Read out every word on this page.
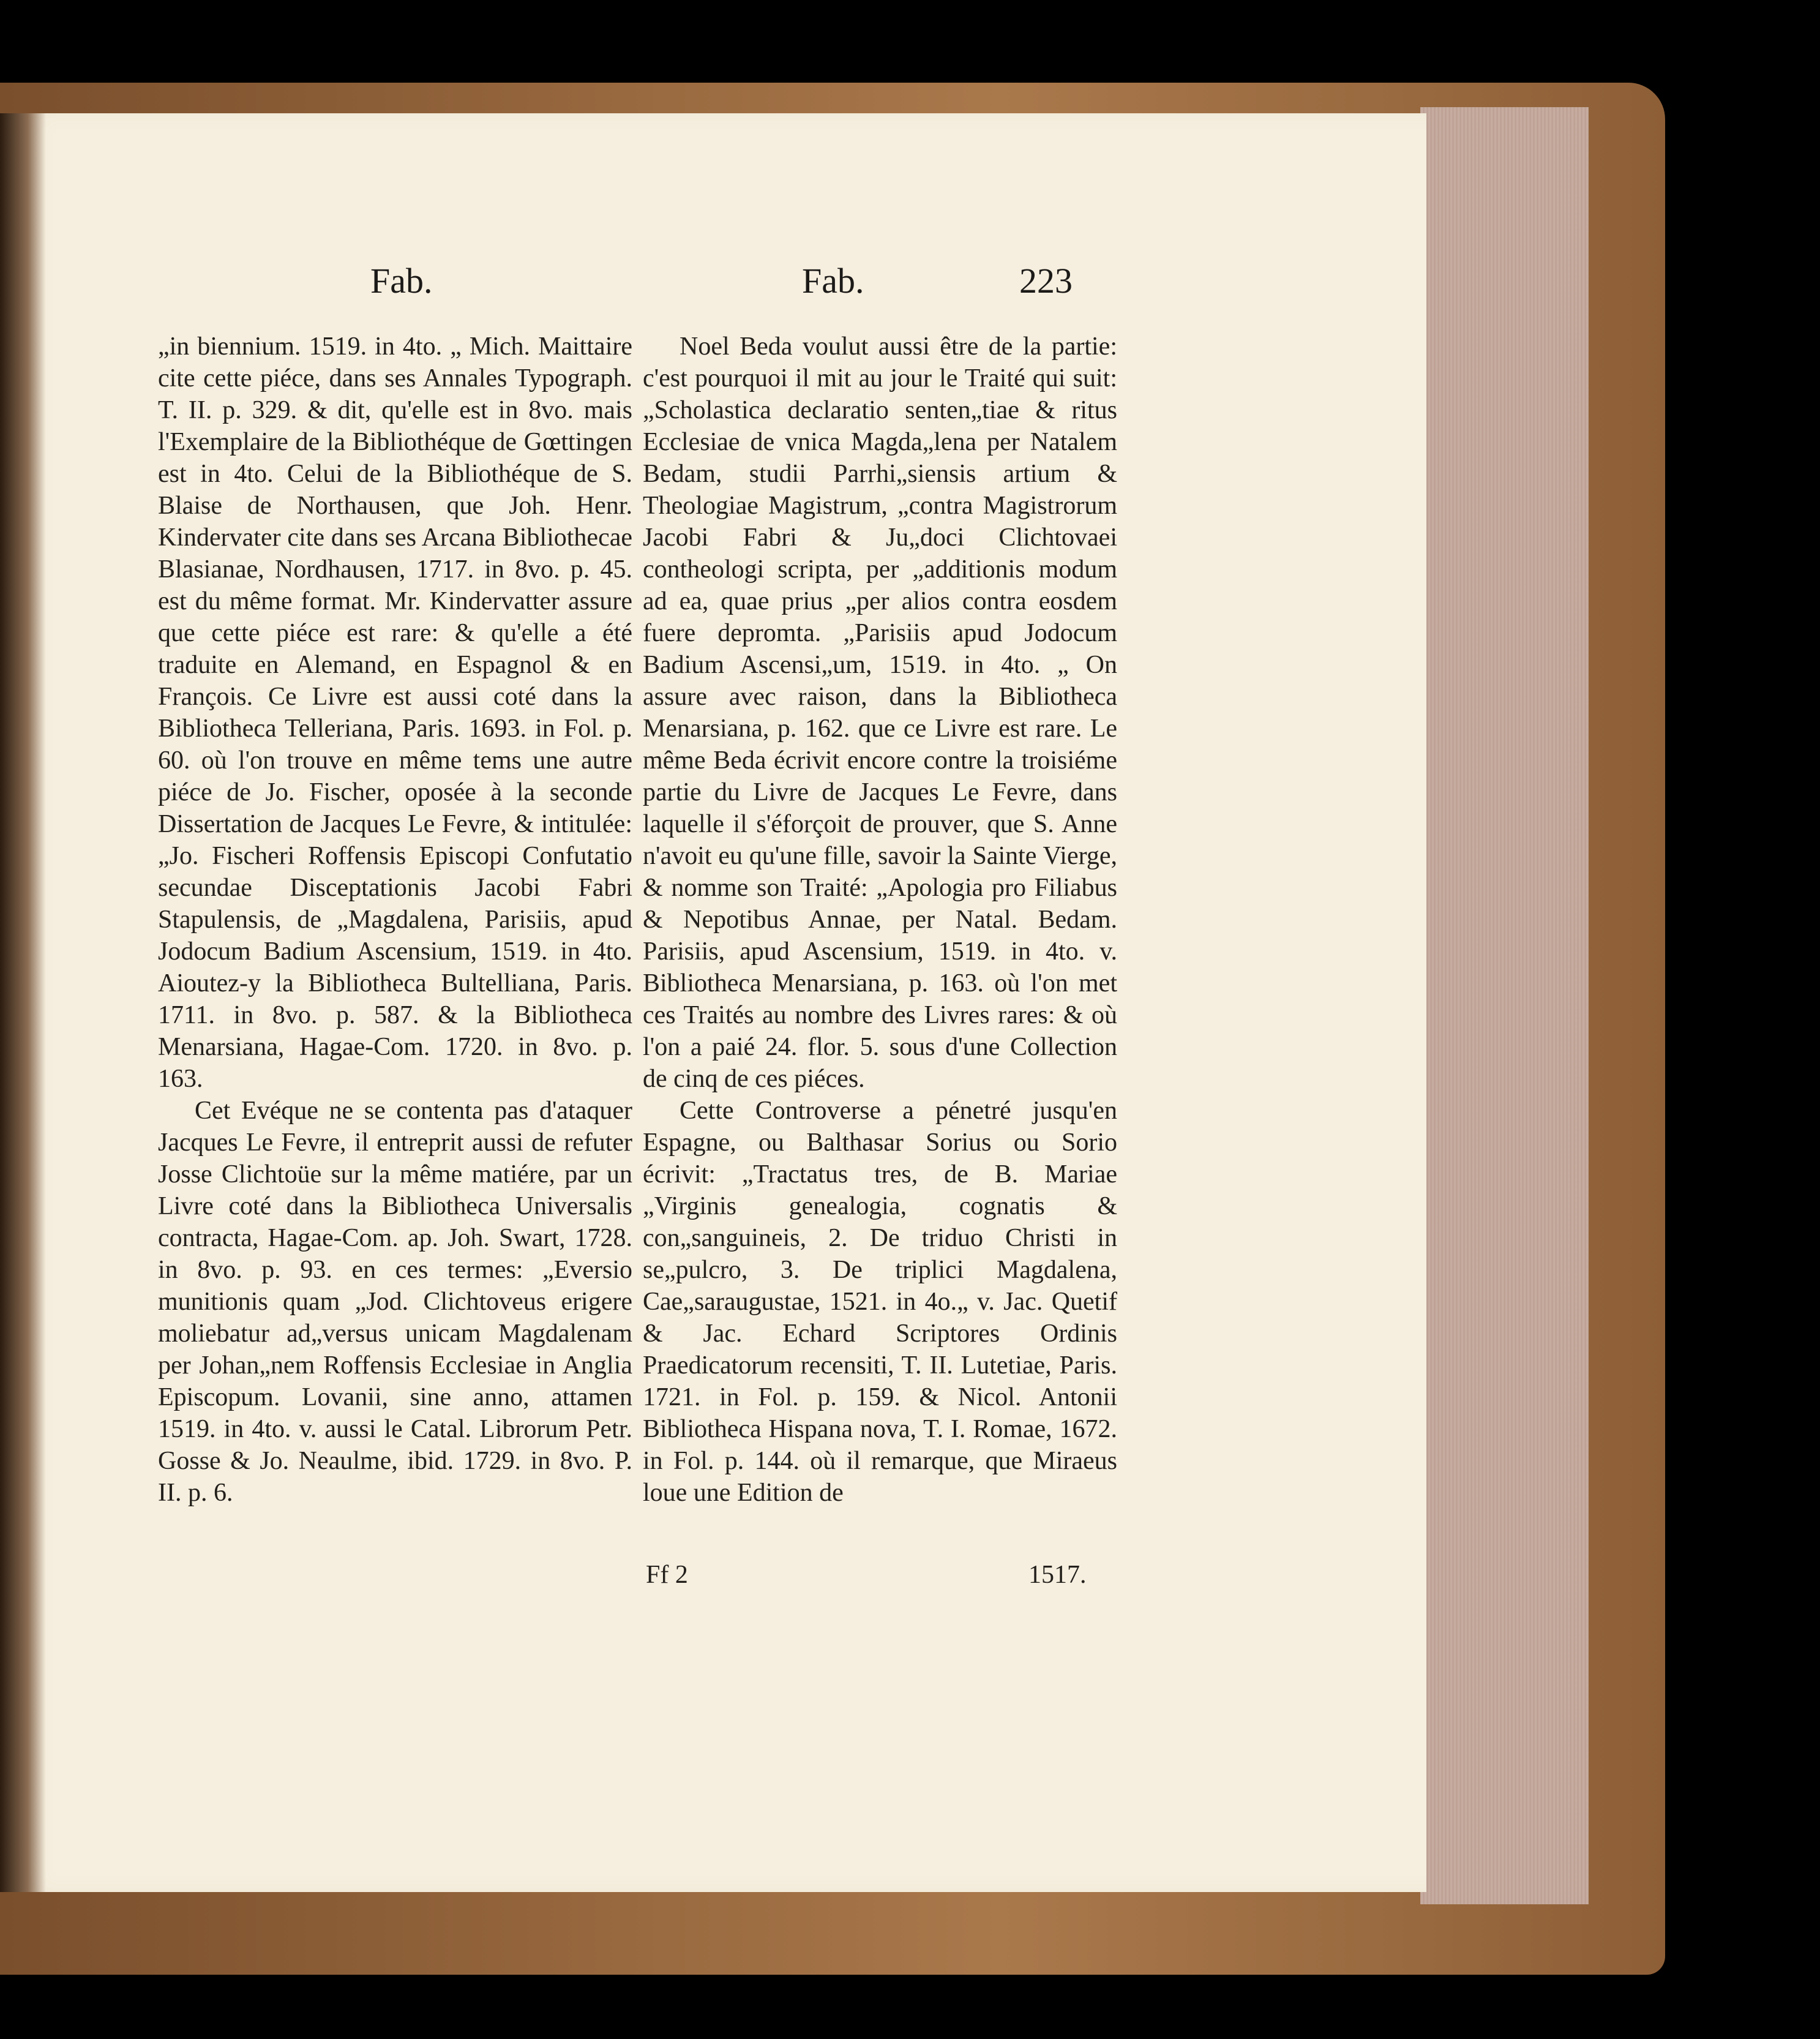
Fab.	Fab.	223

„in biennium. 1519. in 4to. „ Mich. Maittaire cite cette piéce, dans ses Annales Typograph. T. II. p. 329. & dit, qu'elle est in 8vo. mais l'Exemplaire de la Bibliothéque de Gœttingen est in 4to. Celui de la Bibliothéque de S. Blaise de Northausen, que Joh. Henr. Kindervater cite dans ses Arcana Bibliothecae Blasianae, Nordhausen, 1717. in 8vo. p. 45. est du même format. Mr. Kindervatter assure que cette piéce est rare: & qu'elle a été traduite en Alemand, en Espagnol & en François. Ce Livre est aussi coté dans la Bibliotheca Telleriana, Paris. 1693. in Fol. p. 60. où l'on trouve en même tems une autre piéce de Jo. Fischer, oposée à la seconde Dissertation de Jacques Le Fevre, & intitulée: „Jo. Fischeri Roffensis Episcopi Confutatio secundae Disceptationis Jacobi Fabri Stapulensis, de „Magdalena, Parisiis, apud Jodocum Badium Ascensium, 1519. in 4to. Aioutez-y la Bibliotheca Bultelliana, Paris. 1711. in 8vo. p. 587. & la Bibliotheca Menarsiana, Hagae-Com. 1720. in 8vo. p. 163.

Cet Evéque ne se contenta pas d'ataquer Jacques Le Fevre, il entreprit aussi de refuter Josse Clichtoüe sur la même matiére, par un Livre coté dans la Bibliotheca Universalis contracta, Hagae-Com. ap. Joh. Swart, 1728. in 8vo. p. 93. en ces termes: „Eversio munitionis quam „Jod. Clichtoveus erigere moliebatur ad„versus unicam Magdalenam per Johan„nem Roffensis Ecclesiae in Anglia Episcopum. Lovanii, sine anno, attamen 1519. in 4to. v. aussi le Catal. Librorum Petr. Gosse & Jo. Neaulme, ibid. 1729. in 8vo. P. II. p. 6.

Noel Beda voulut aussi être de la partie: c'est pourquoi il mit au jour le Traité qui suit: „Scholastica declaratio senten„tiae & ritus Ecclesiae de vnica Magda„lena per Natalem Bedam, studii Parrhi„siensis artium & Theologiae Magistrum, „contra Magistrorum Jacobi Fabri & Ju„doci Clichtovaei contheologi scripta, per „additionis modum ad ea, quae prius „per alios contra eosdem fuere depromta. „Parisiis apud Jodocum Badium Ascensi„um, 1519. in 4to. „ On assure avec raison, dans la Bibliotheca Menarsiana, p. 162. que ce Livre est rare. Le même Beda écrivit encore contre la troisiéme partie du Livre de Jacques Le Fevre, dans laquelle il s'éforçoit de prouver, que S. Anne n'avoit eu qu'une fille, savoir la Sainte Vierge, & nomme son Traité: „Apologia pro Filiabus & Nepotibus Annae, per Natal. Bedam. Parisiis, apud Ascensium, 1519. in 4to. v. Bibliotheca Menarsiana, p. 163. où l'on met ces Traités au nombre des Livres rares: & où l'on a paié 24. flor. 5. sous d'une Collection de cinq de ces piéces.

Cette Controverse a pénetré jusqu'en Espagne, ou Balthasar Sorius ou Sorio écrivit: „Tractatus tres, de B. Mariae „Virginis genealogia, cognatis & con„sanguineis, 2. De triduo Christi in se„pulcro, 3. De triplici Magdalena, Cae„saraugustae, 1521. in 4o.„ v. Jac. Quetif & Jac. Echard Scriptores Ordinis Praedicatorum recensiti, T. II. Lutetiae, Paris. 1721. in Fol. p. 159. & Nicol. Antonii Bibliotheca Hispana nova, T. I. Romae, 1672. in Fol. p. 144. où il remarque, que Miraeus loue une Edition de

Ff 2	1517.
